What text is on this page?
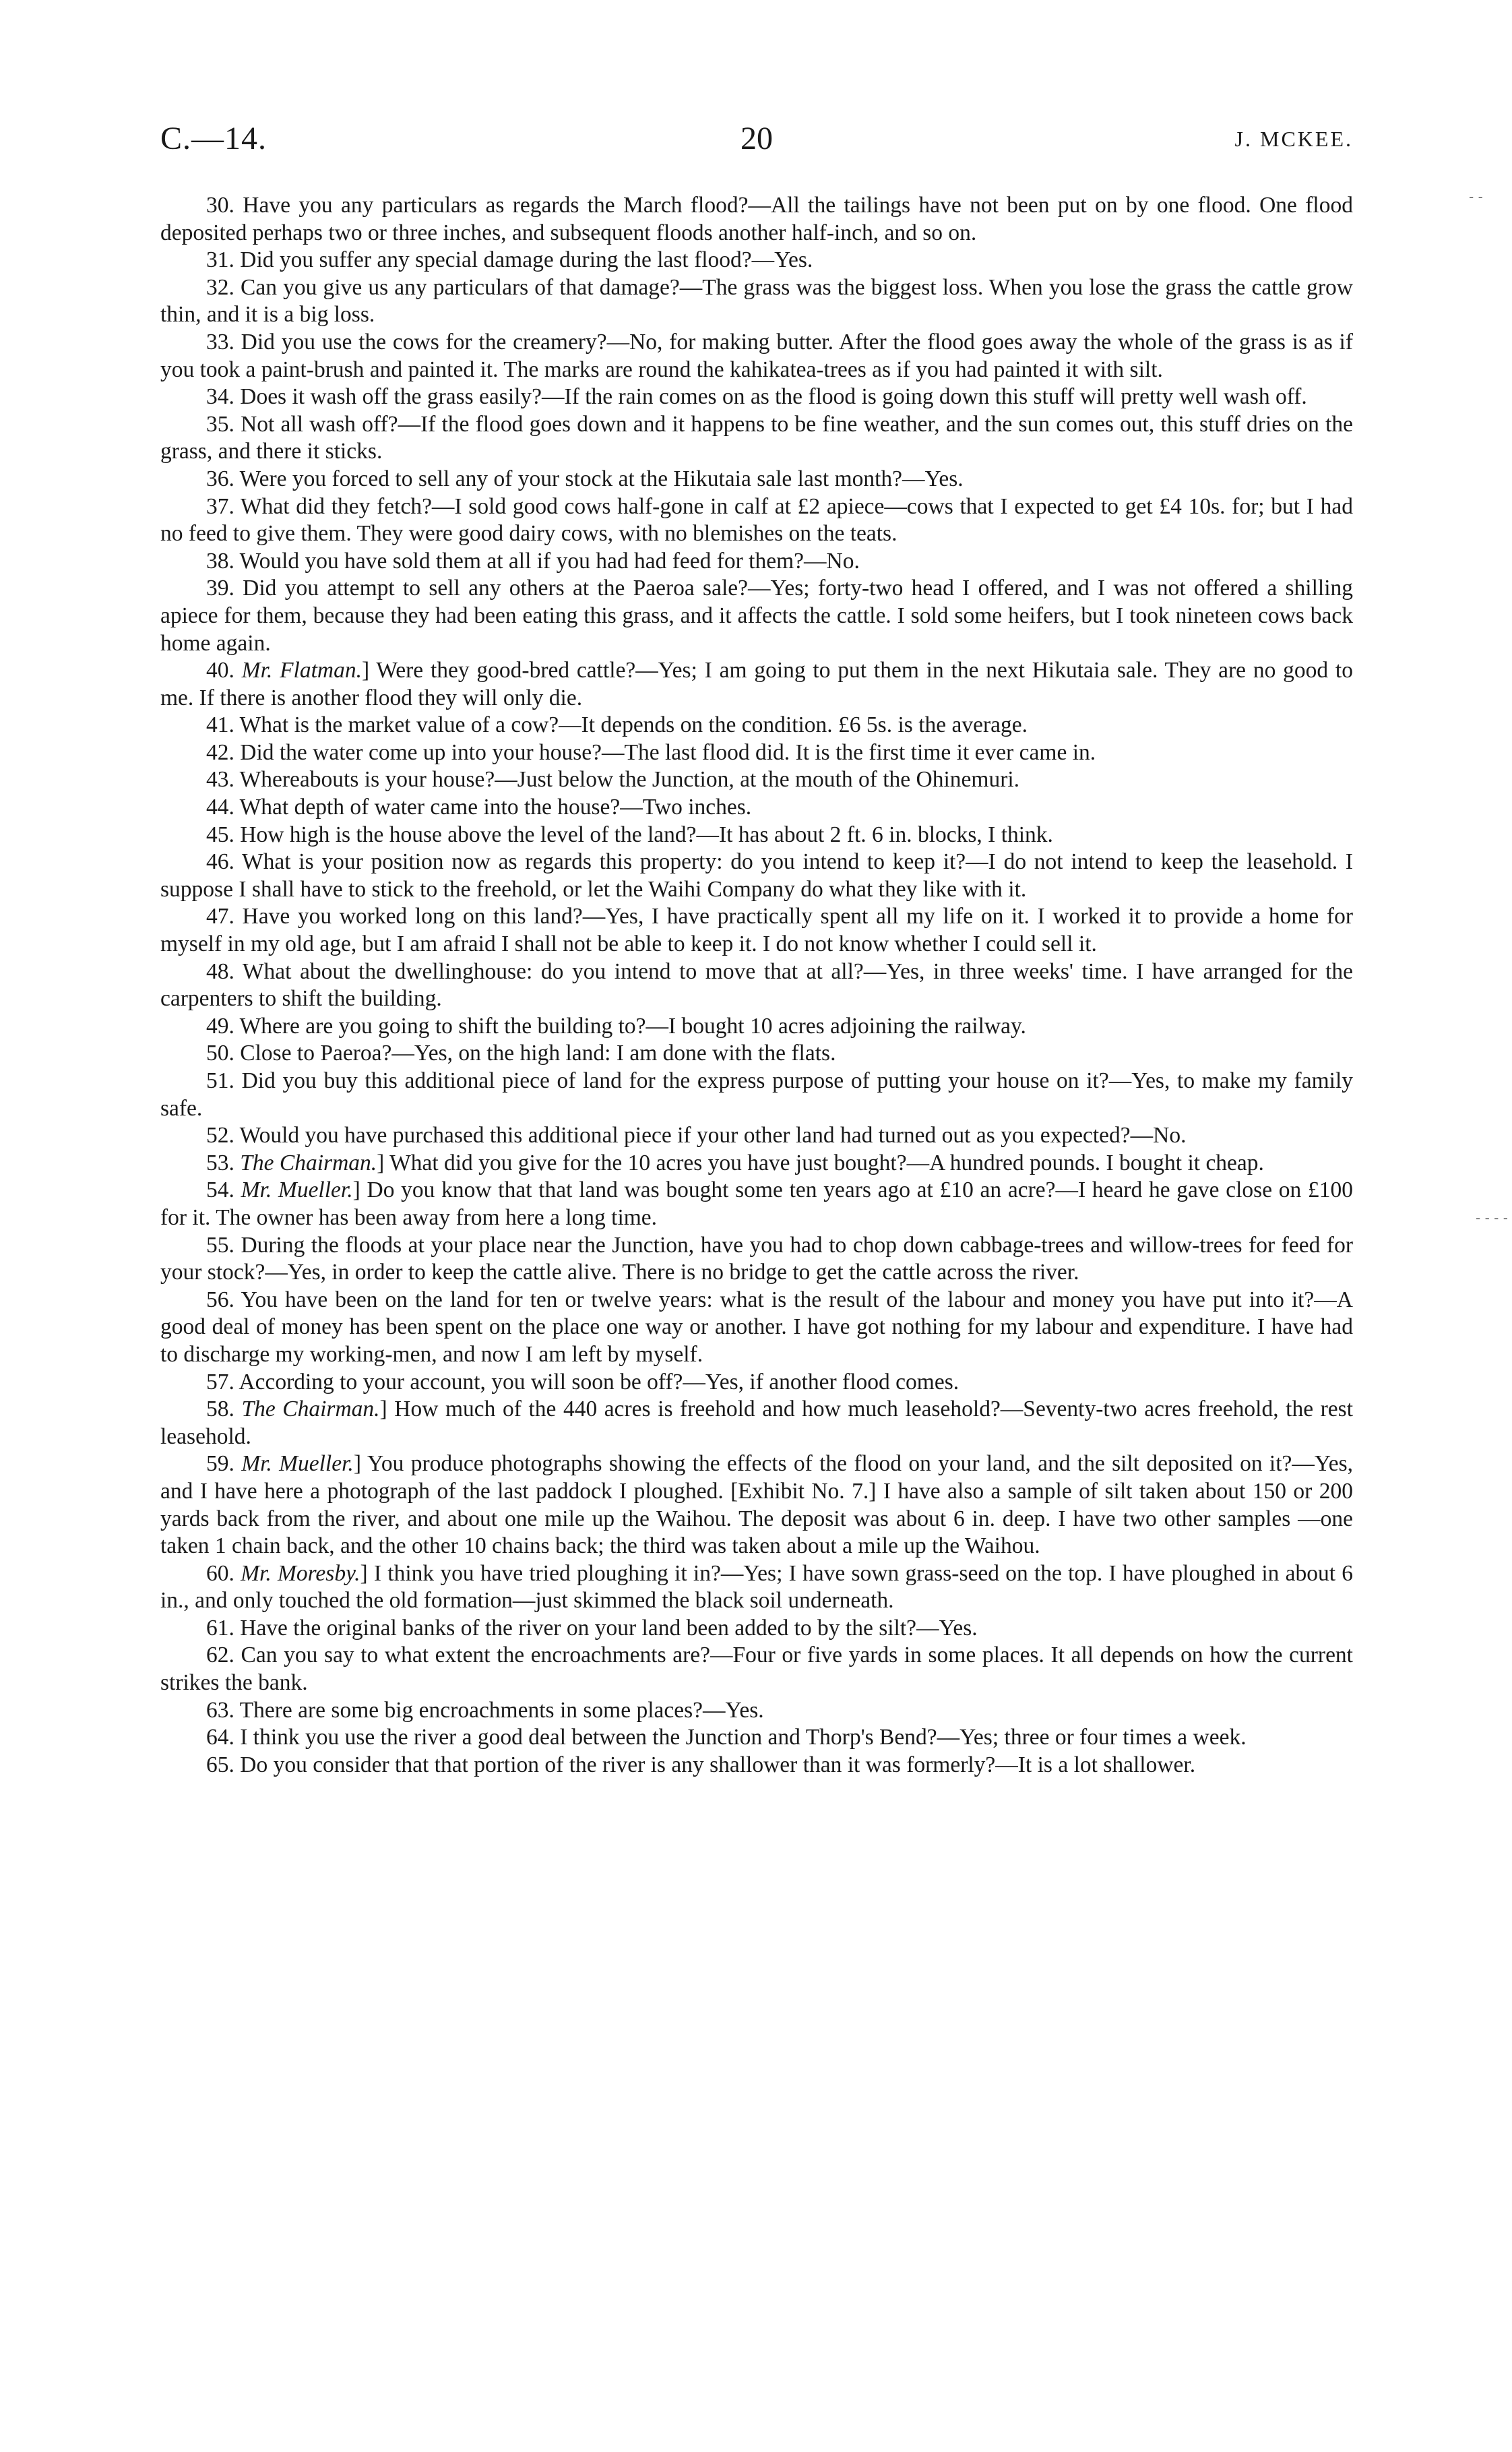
C.—14.	20	J. MCKEE.
- -
- - - -

30. Have you any particulars as regards the March flood?—All the tailings have not been put on by one flood. One flood deposited perhaps two or three inches, and subsequent floods another half-inch, and so on.

31. Did you suffer any special damage during the last flood?—Yes.

32. Can you give us any particulars of that damage?—The grass was the biggest loss. When you lose the grass the cattle grow thin, and it is a big loss.

33. Did you use the cows for the creamery?—No, for making butter. After the flood goes away the whole of the grass is as if you took a paint-brush and painted it. The marks are round the kahikatea-trees as if you had painted it with silt.

34. Does it wash off the grass easily?—If the rain comes on as the flood is going down this stuff will pretty well wash off.

35. Not all wash off?—If the flood goes down and it happens to be fine weather, and the sun comes out, this stuff dries on the grass, and there it sticks.

36. Were you forced to sell any of your stock at the Hikutaia sale last month?—Yes.

37. What did they fetch?—I sold good cows half-gone in calf at £2 apiece—cows that I expected to get £4 10s. for; but I had no feed to give them. They were good dairy cows, with no blemishes on the teats.

38. Would you have sold them at all if you had had feed for them?—No.

39. Did you attempt to sell any others at the Paeroa sale?—Yes; forty-two head I offered, and I was not offered a shilling apiece for them, because they had been eating this grass, and it affects the cattle. I sold some heifers, but I took nineteen cows back home again.

40. Mr. Flatman.] Were they good-bred cattle?—Yes; I am going to put them in the next Hikutaia sale. They are no good to me. If there is another flood they will only die.

41. What is the market value of a cow?—It depends on the condition. £6 5s. is the average.

42. Did the water come up into your house?—The last flood did. It is the first time it ever came in.

43. Whereabouts is your house?—Just below the Junction, at the mouth of the Ohinemuri.

44. What depth of water came into the house?—Two inches.

45. How high is the house above the level of the land?—It has about 2 ft. 6 in. blocks, I think.

46. What is your position now as regards this property: do you intend to keep it?—I do not intend to keep the leasehold. I suppose I shall have to stick to the freehold, or let the Waihi Company do what they like with it.

47. Have you worked long on this land?—Yes, I have practically spent all my life on it. I worked it to provide a home for myself in my old age, but I am afraid I shall not be able to keep it. I do not know whether I could sell it.

48. What about the dwellinghouse: do you intend to move that at all?—Yes, in three weeks' time. I have arranged for the carpenters to shift the building.

49. Where are you going to shift the building to?—I bought 10 acres adjoining the railway.

50. Close to Paeroa?—Yes, on the high land: I am done with the flats.

51. Did you buy this additional piece of land for the express purpose of putting your house on it?—Yes, to make my family safe.

52. Would you have purchased this additional piece if your other land had turned out as you expected?—No.

53. The Chairman.] What did you give for the 10 acres you have just bought?—A hundred pounds. I bought it cheap.

54. Mr. Mueller.] Do you know that that land was bought some ten years ago at £10 an acre?—I heard he gave close on £100 for it. The owner has been away from here a long time.

55. During the floods at your place near the Junction, have you had to chop down cabbage-trees and willow-trees for feed for your stock?—Yes, in order to keep the cattle alive. There is no bridge to get the cattle across the river.

56. You have been on the land for ten or twelve years: what is the result of the labour and money you have put into it?—A good deal of money has been spent on the place one way or another. I have got nothing for my labour and expenditure. I have had to discharge my working-men, and now I am left by myself.

57. According to your account, you will soon be off?—Yes, if another flood comes.

58. The Chairman.] How much of the 440 acres is freehold and how much leasehold?—Seventy-two acres freehold, the rest leasehold.

59. Mr. Mueller.] You produce photographs showing the effects of the flood on your land, and the silt deposited on it?—Yes, and I have here a photograph of the last paddock I ploughed. [Exhibit No. 7.] I have also a sample of silt taken about 150 or 200 yards back from the river, and about one mile up the Waihou. The deposit was about 6 in. deep. I have two other samples —one taken 1 chain back, and the other 10 chains back; the third was taken about a mile up the Waihou.

60. Mr. Moresby.] I think you have tried ploughing it in?—Yes; I have sown grass-seed on the top. I have ploughed in about 6 in., and only touched the old formation—just skimmed the black soil underneath.

61. Have the original banks of the river on your land been added to by the silt?—Yes.

62. Can you say to what extent the encroachments are?—Four or five yards in some places. It all depends on how the current strikes the bank.

63. There are some big encroachments in some places?—Yes.

64. I think you use the river a good deal between the Junction and Thorp's Bend?—Yes; three or four times a week.

65. Do you consider that that portion of the river is any shallower than it was formerly?—It is a lot shallower.
